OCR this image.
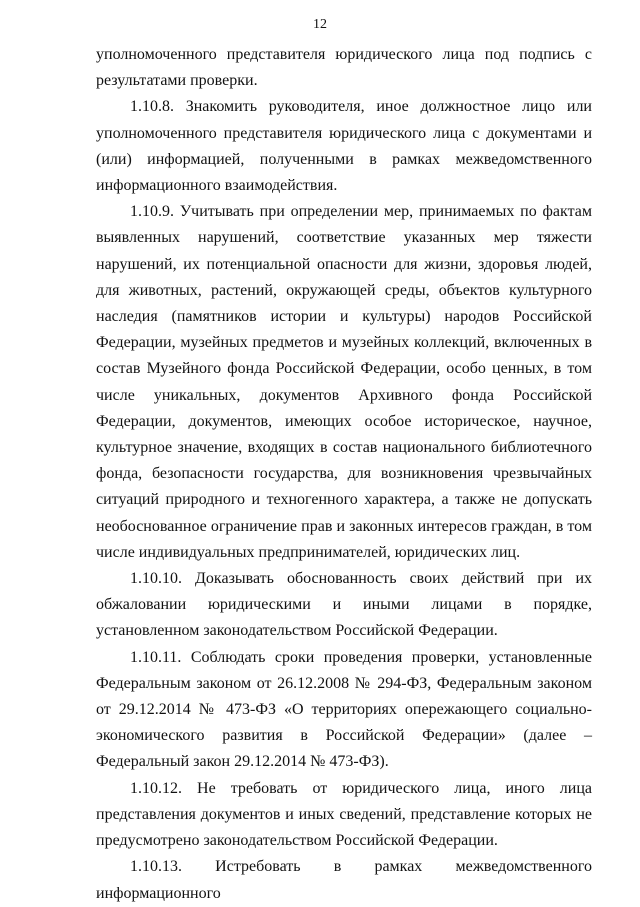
12

уполномоченного представителя юридического лица под подпись с результатами проверки.

1.10.8. Знакомить руководителя, иное должностное лицо или уполномоченного представителя юридического лица с документами и (или) информацией, полученными в рамках межведомственного информационного взаимодействия.

1.10.9. Учитывать при определении мер, принимаемых по фактам выявленных нарушений, соответствие указанных мер тяжести нарушений, их потенциальной опасности для жизни, здоровья людей, для животных, растений, окружающей среды, объектов культурного наследия (памятников истории и культуры) народов Российской Федерации, музейных предметов и музейных коллекций, включенных в состав Музейного фонда Российской Федерации, особо ценных, в том числе уникальных, документов Архивного фонда Российской Федерации, документов, имеющих особое историческое, научное, культурное значение, входящих в состав национального библиотечного фонда, безопасности государства, для возникновения чрезвычайных ситуаций природного и техногенного характера, а также не допускать необоснованное ограничение прав и законных интересов граждан, в том числе индивидуальных предпринимателей, юридических лиц.

1.10.10. Доказывать обоснованность своих действий при их обжаловании юридическими и иными лицами в порядке, установленном законодательством Российской Федерации.

1.10.11. Соблюдать сроки проведения проверки, установленные Федеральным законом от 26.12.2008 № 294-ФЗ, Федеральным законом от 29.12.2014 № 473-ФЗ «О территориях опережающего социально-экономического развития в Российской Федерации» (далее – Федеральный закон 29.12.2014 № 473-ФЗ).

1.10.12. Не требовать от юридического лица, иного лица представления документов и иных сведений, представление которых не предусмотрено законодательством Российской Федерации.

1.10.13. Истребовать в рамках межведомственного информационного
